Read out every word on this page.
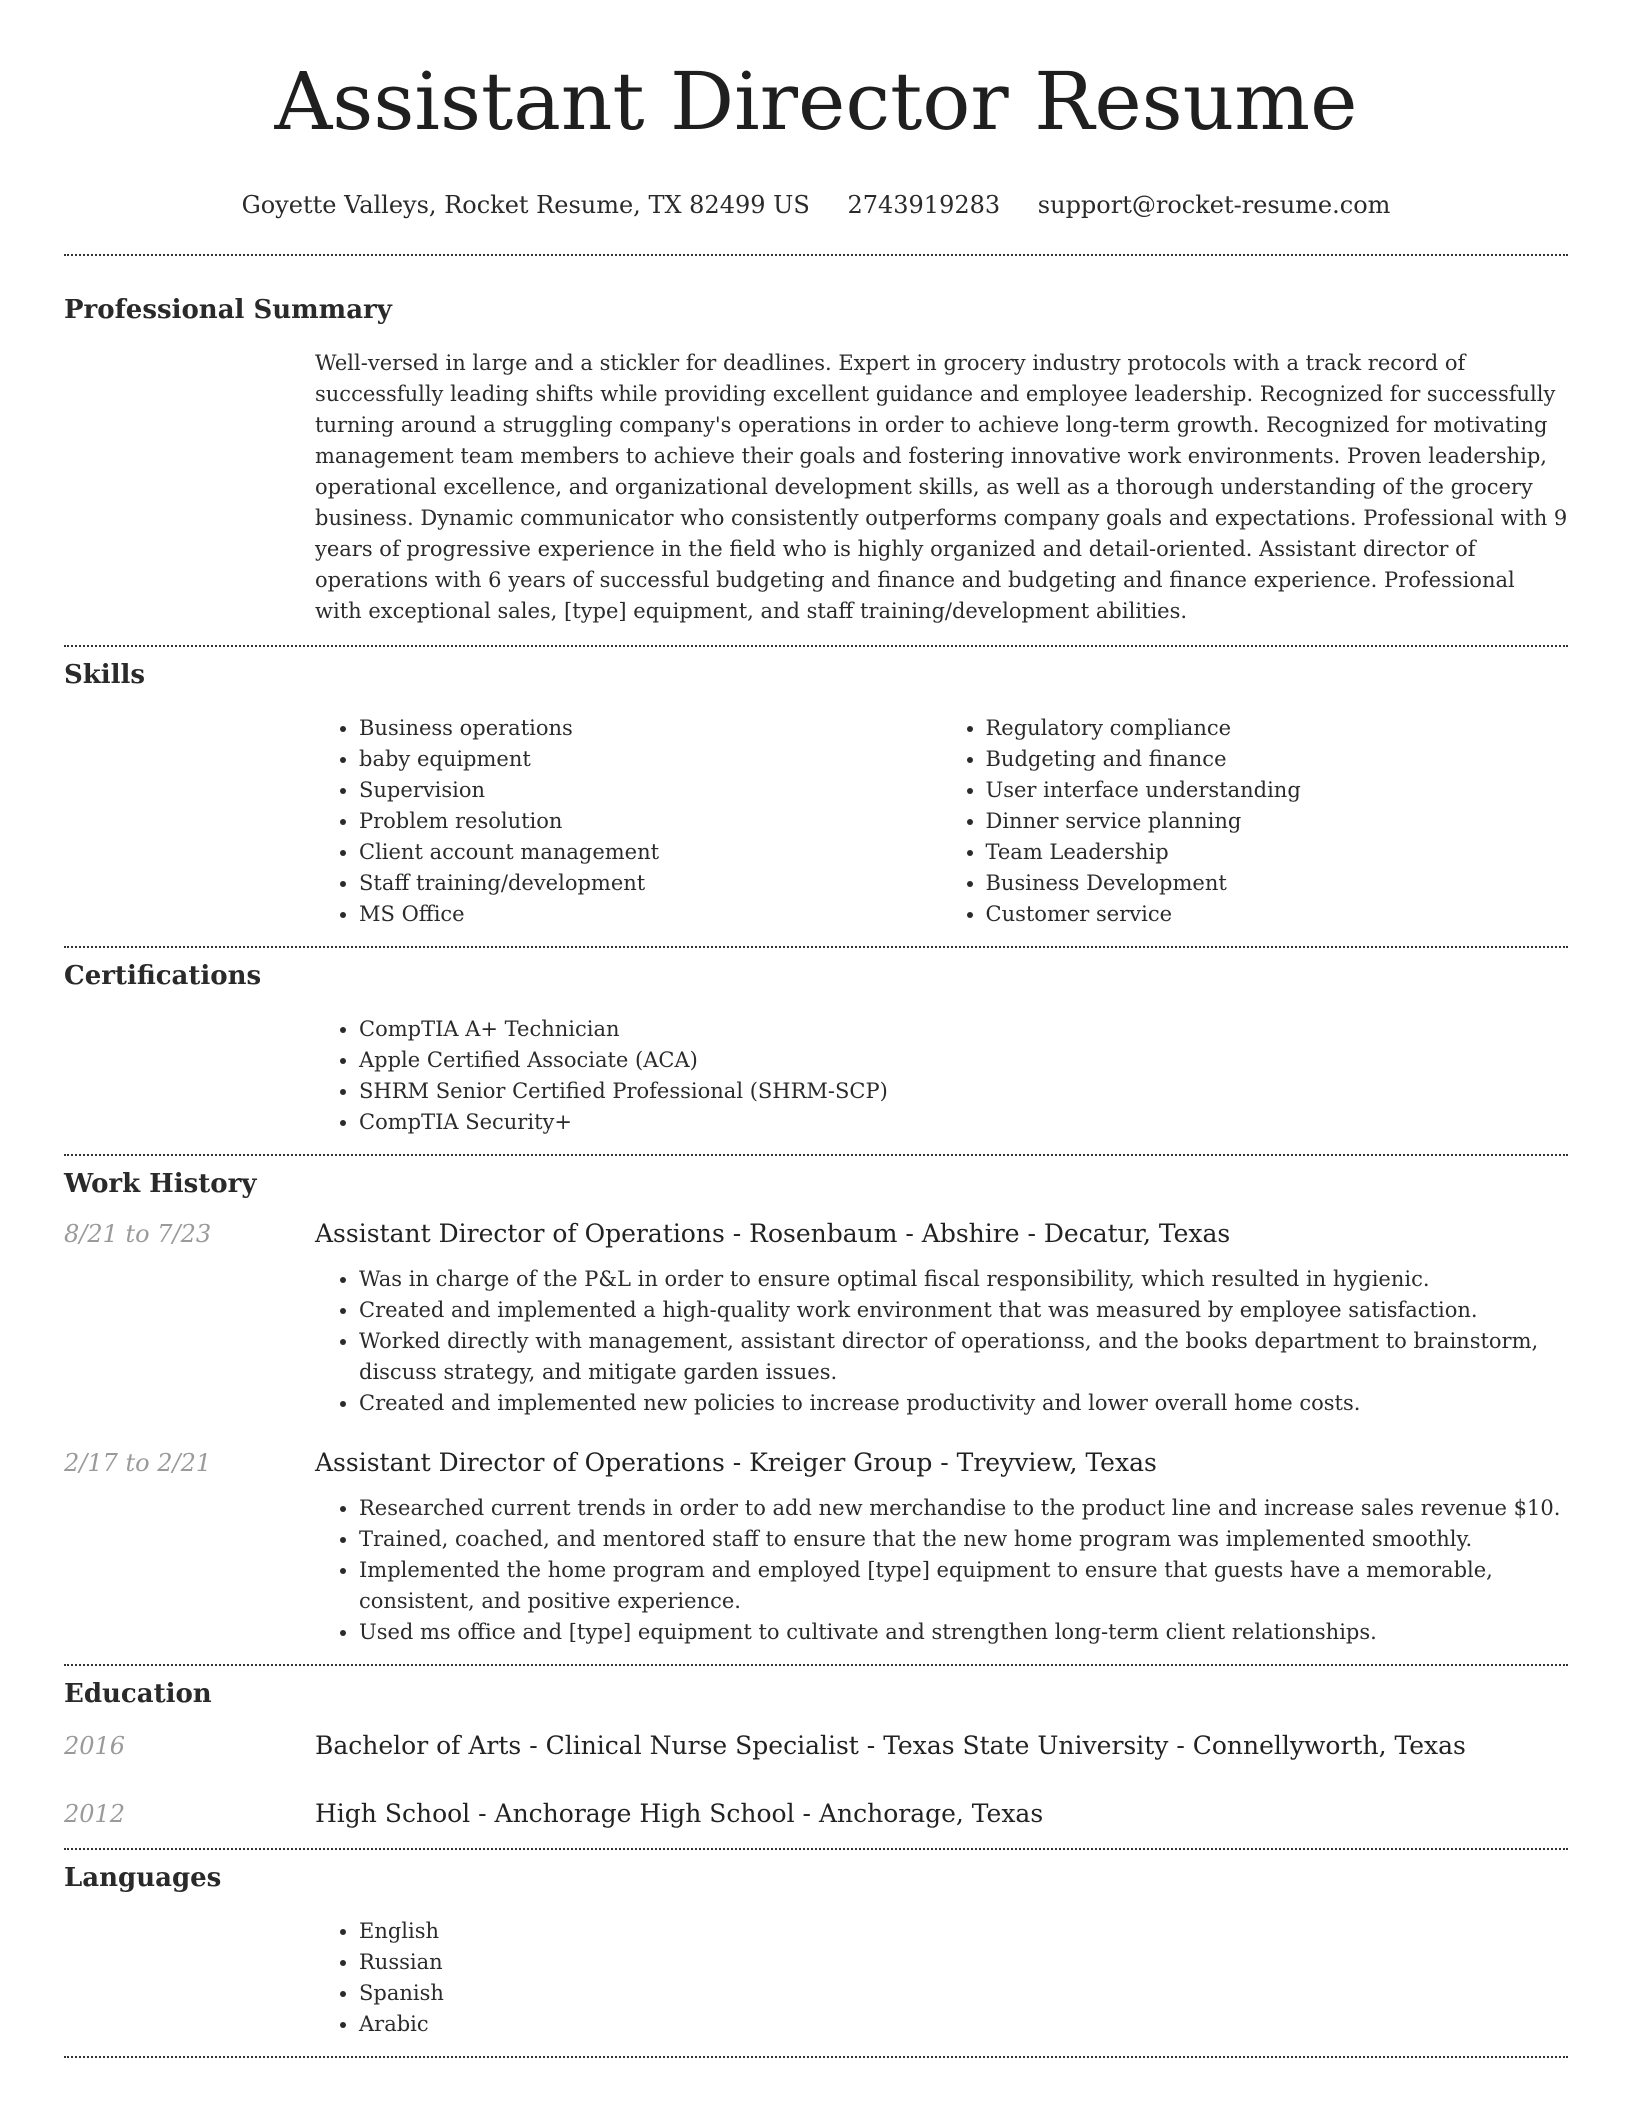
Assistant Director Resume
Goyette Valleys, Rocket Resume, TX 82499 US 2743919283 support@rocket-resume.com
Professional Summary

Well-versed in large and a stickler for deadlines. Expert in grocery industry protocols with a track record of successfully leading shifts while providing excellent guidance and employee leadership. Recognized for successfully turning around a struggling company's operations in order to achieve long-term growth. Recognized for motivating management team members to achieve their goals and fostering innovative work environments. Proven leadership, operational excellence, and organizational development skills, as well as a thorough understanding of the grocery business. Dynamic communicator who consistently outperforms company goals and expectations. Professional with 9 years of progressive experience in the field who is highly organized and detail-oriented. Assistant director of operations with 6 years of successful budgeting and finance and budgeting and finance experience. Professional with exceptional sales, [type] equipment, and staff training/development abilities.

Skills
• Business operations
• baby equipment
• Supervision
• Problem resolution
• Client account management
• Staff training/development
• MS Office
• Regulatory compliance
• Budgeting and finance
• User interface understanding
• Dinner service planning
• Team Leadership
• Business Development
• Customer service
Certifications
• CompTIA A+ Technician
• Apple Certified Associate (ACA)
• SHRM Senior Certified Professional (SHRM-SCP)
• CompTIA Security+
Work History
8/21 to 7/23	Assistant Director of Operations - Rosenbaum - Abshire - Decatur, Texas
• Was in charge of the P&L in order to ensure optimal fiscal responsibility, which resulted in hygienic.
• Created and implemented a high-quality work environment that was measured by employee satisfaction.
• Worked directly with management, assistant director of operationss, and the books department to brainstorm, discuss strategy, and mitigate garden issues.
• Created and implemented new policies to increase productivity and lower overall home costs.
2/17 to 2/21	Assistant Director of Operations - Kreiger Group - Treyview, Texas
• Researched current trends in order to add new merchandise to the product line and increase sales revenue $10.
• Trained, coached, and mentored staff to ensure that the new home program was implemented smoothly.
• Implemented the home program and employed [type] equipment to ensure that guests have a memorable, consistent, and positive experience.
• Used ms office and [type] equipment to cultivate and strengthen long-term client relationships.
Education
2016	Bachelor of Arts - Clinical Nurse Specialist - Texas State University - Connellyworth, Texas
2012	High School - Anchorage High School - Anchorage, Texas
Languages
• English
• Russian
• Spanish
• Arabic
